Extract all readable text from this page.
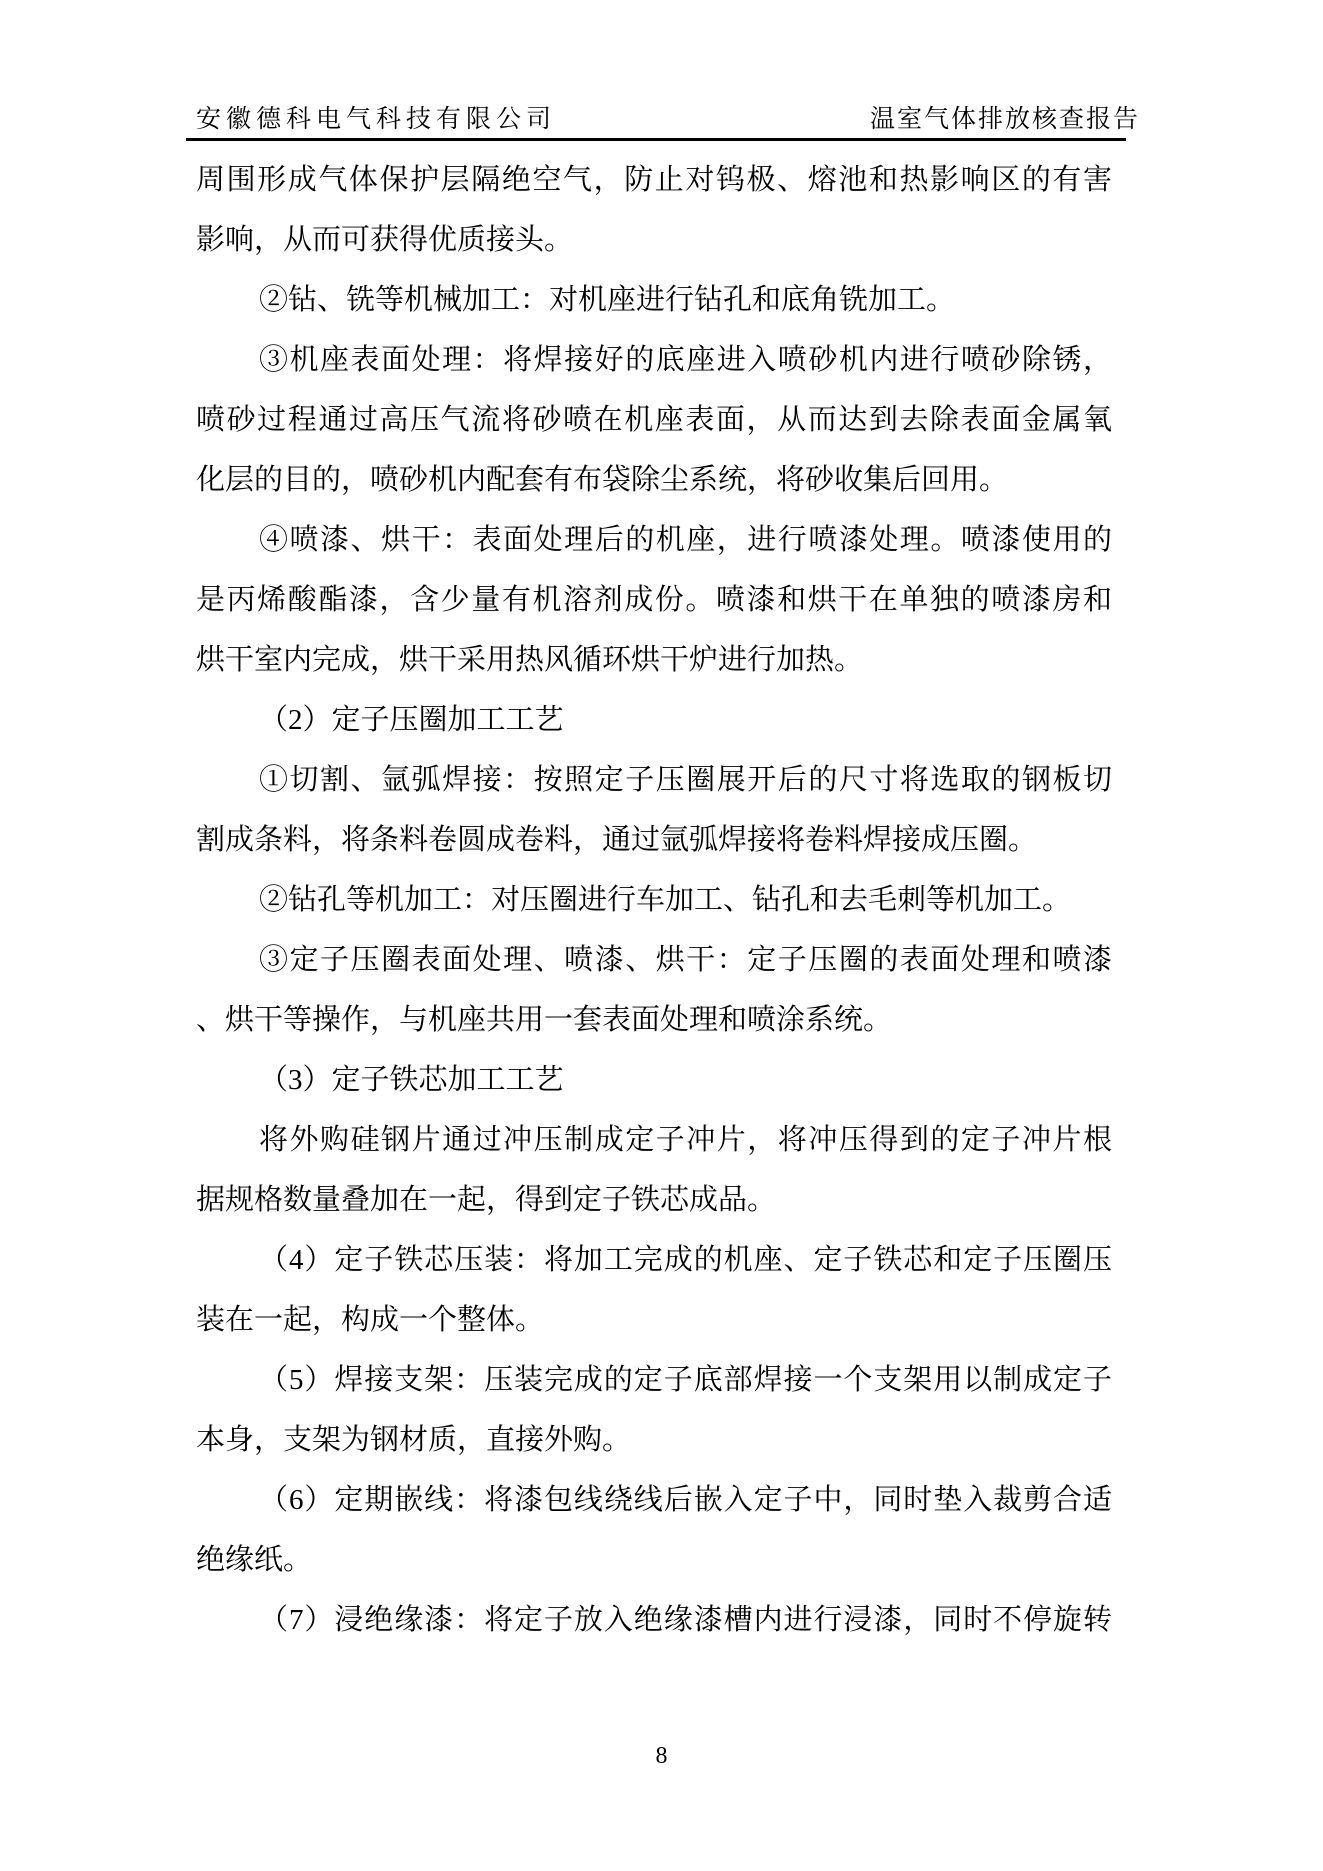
安徽德科电气科技有限公司	温室气体排放核查报告
周围形成气体保护层隔绝空气，防止对钨极、熔池和热影响区的有害
影响，从而可获得优质接头。
②钻、铣等机械加工：对机座进行钻孔和底角铣加工。
③机座表面处理：将焊接好的底座进入喷砂机内进行喷砂除锈，
喷砂过程通过高压气流将砂喷在机座表面，从而达到去除表面金属氧
化层的目的，喷砂机内配套有布袋除尘系统，将砂收集后回用。
④喷漆、烘干：表面处理后的机座，进行喷漆处理。喷漆使用的
是丙烯酸酯漆，含少量有机溶剂成份。喷漆和烘干在单独的喷漆房和
烘干室内完成，烘干采用热风循环烘干炉进行加热。
（2）定子压圈加工工艺
①切割、氩弧焊接：按照定子压圈展开后的尺寸将选取的钢板切
割成条料，将条料卷圆成卷料，通过氩弧焊接将卷料焊接成压圈。
②钻孔等机加工：对压圈进行车加工、钻孔和去毛刺等机加工。
③定子压圈表面处理、喷漆、烘干：定子压圈的表面处理和喷漆
、烘干等操作，与机座共用一套表面处理和喷涂系统。
（3）定子铁芯加工工艺
将外购硅钢片通过冲压制成定子冲片，将冲压得到的定子冲片根
据规格数量叠加在一起，得到定子铁芯成品。
（4）定子铁芯压装：将加工完成的机座、定子铁芯和定子压圈压
装在一起，构成一个整体。
（5）焊接支架：压装完成的定子底部焊接一个支架用以制成定子
本身，支架为钢材质，直接外购。
（6）定期嵌线：将漆包线绕线后嵌入定子中，同时垫入裁剪合适
绝缘纸。
（7）浸绝缘漆：将定子放入绝缘漆槽内进行浸漆，同时不停旋转
8
